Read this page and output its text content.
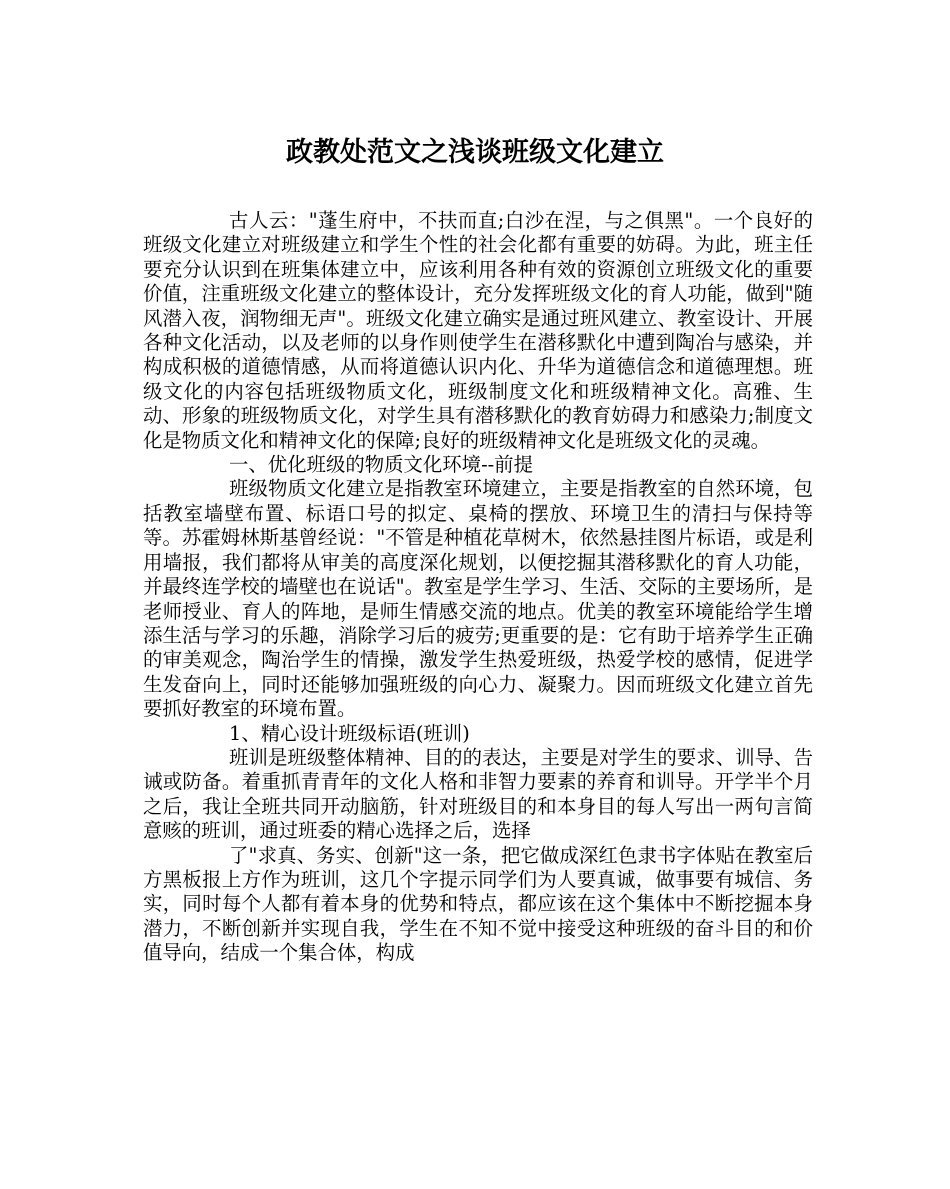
政教处范文之浅谈班级文化建立

古人云："蓬生府中，不扶而直;白沙在涅，与之俱黑"。一个良好的班级文化建立对班级建立和学生个性的社会化都有重要的妨碍。为此，班主任要充分认识到在班集体建立中，应该利用各种有效的资源创立班级文化的重要价值，注重班级文化建立的整体设计，充分发挥班级文化的育人功能，做到"随风潜入夜，润物细无声"。班级文化建立确实是通过班风建立、教室设计、开展各种文化活动，以及老师的以身作则使学生在潜移默化中遭到陶冶与感染，并构成积极的道德情感，从而将道德认识内化、升华为道德信念和道德理想。班级文化的内容包括班级物质文化，班级制度文化和班级精神文化。高雅、生动、形象的班级物质文化，对学生具有潜移默化的教育妨碍力和感染力;制度文化是物质文化和精神文化的保障;良好的班级精神文化是班级文化的灵魂。

一、优化班级的物质文化环境--前提

班级物质文化建立是指教室环境建立，主要是指教室的自然环境，包括教室墙壁布置、标语口号的拟定、桌椅的摆放、环境卫生的清扫与保持等等。苏霍姆林斯基曾经说："不管是种植花草树木，依然悬挂图片标语，或是利用墙报，我们都将从审美的高度深化规划，以便挖掘其潜移默化的育人功能，并最终连学校的墙壁也在说话"。教室是学生学习、生活、交际的主要场所，是老师授业、育人的阵地，是师生情感交流的地点。优美的教室环境能给学生增添生活与学习的乐趣，消除学习后的疲劳;更重要的是：它有助于培养学生正确的审美观念，陶治学生的情操，激发学生热爱班级，热爱学校的感情，促进学生发奋向上，同时还能够加强班级的向心力、凝聚力。因而班级文化建立首先要抓好教室的环境布置。

1、精心设计班级标语(班训)

班训是班级整体精神、目的的表达，主要是对学生的要求、训导、告诫或防备。着重抓青青年的文化人格和非智力要素的养育和训导。开学半个月之后，我让全班共同开动脑筋，针对班级目的和本身目的每人写出一两句言简意赅的班训，通过班委的精心选择之后，选择

了"求真、务实、创新"这一条，把它做成深红色隶书字体贴在教室后方黑板报上方作为班训，这几个字提示同学们为人要真诚，做事要有城信、务实，同时每个人都有着本身的优势和特点，都应该在这个集体中不断挖掘本身潜力，不断创新并实现自我，学生在不知不觉中接受这种班级的奋斗目的和价值导向，结成一个集合体，构成
